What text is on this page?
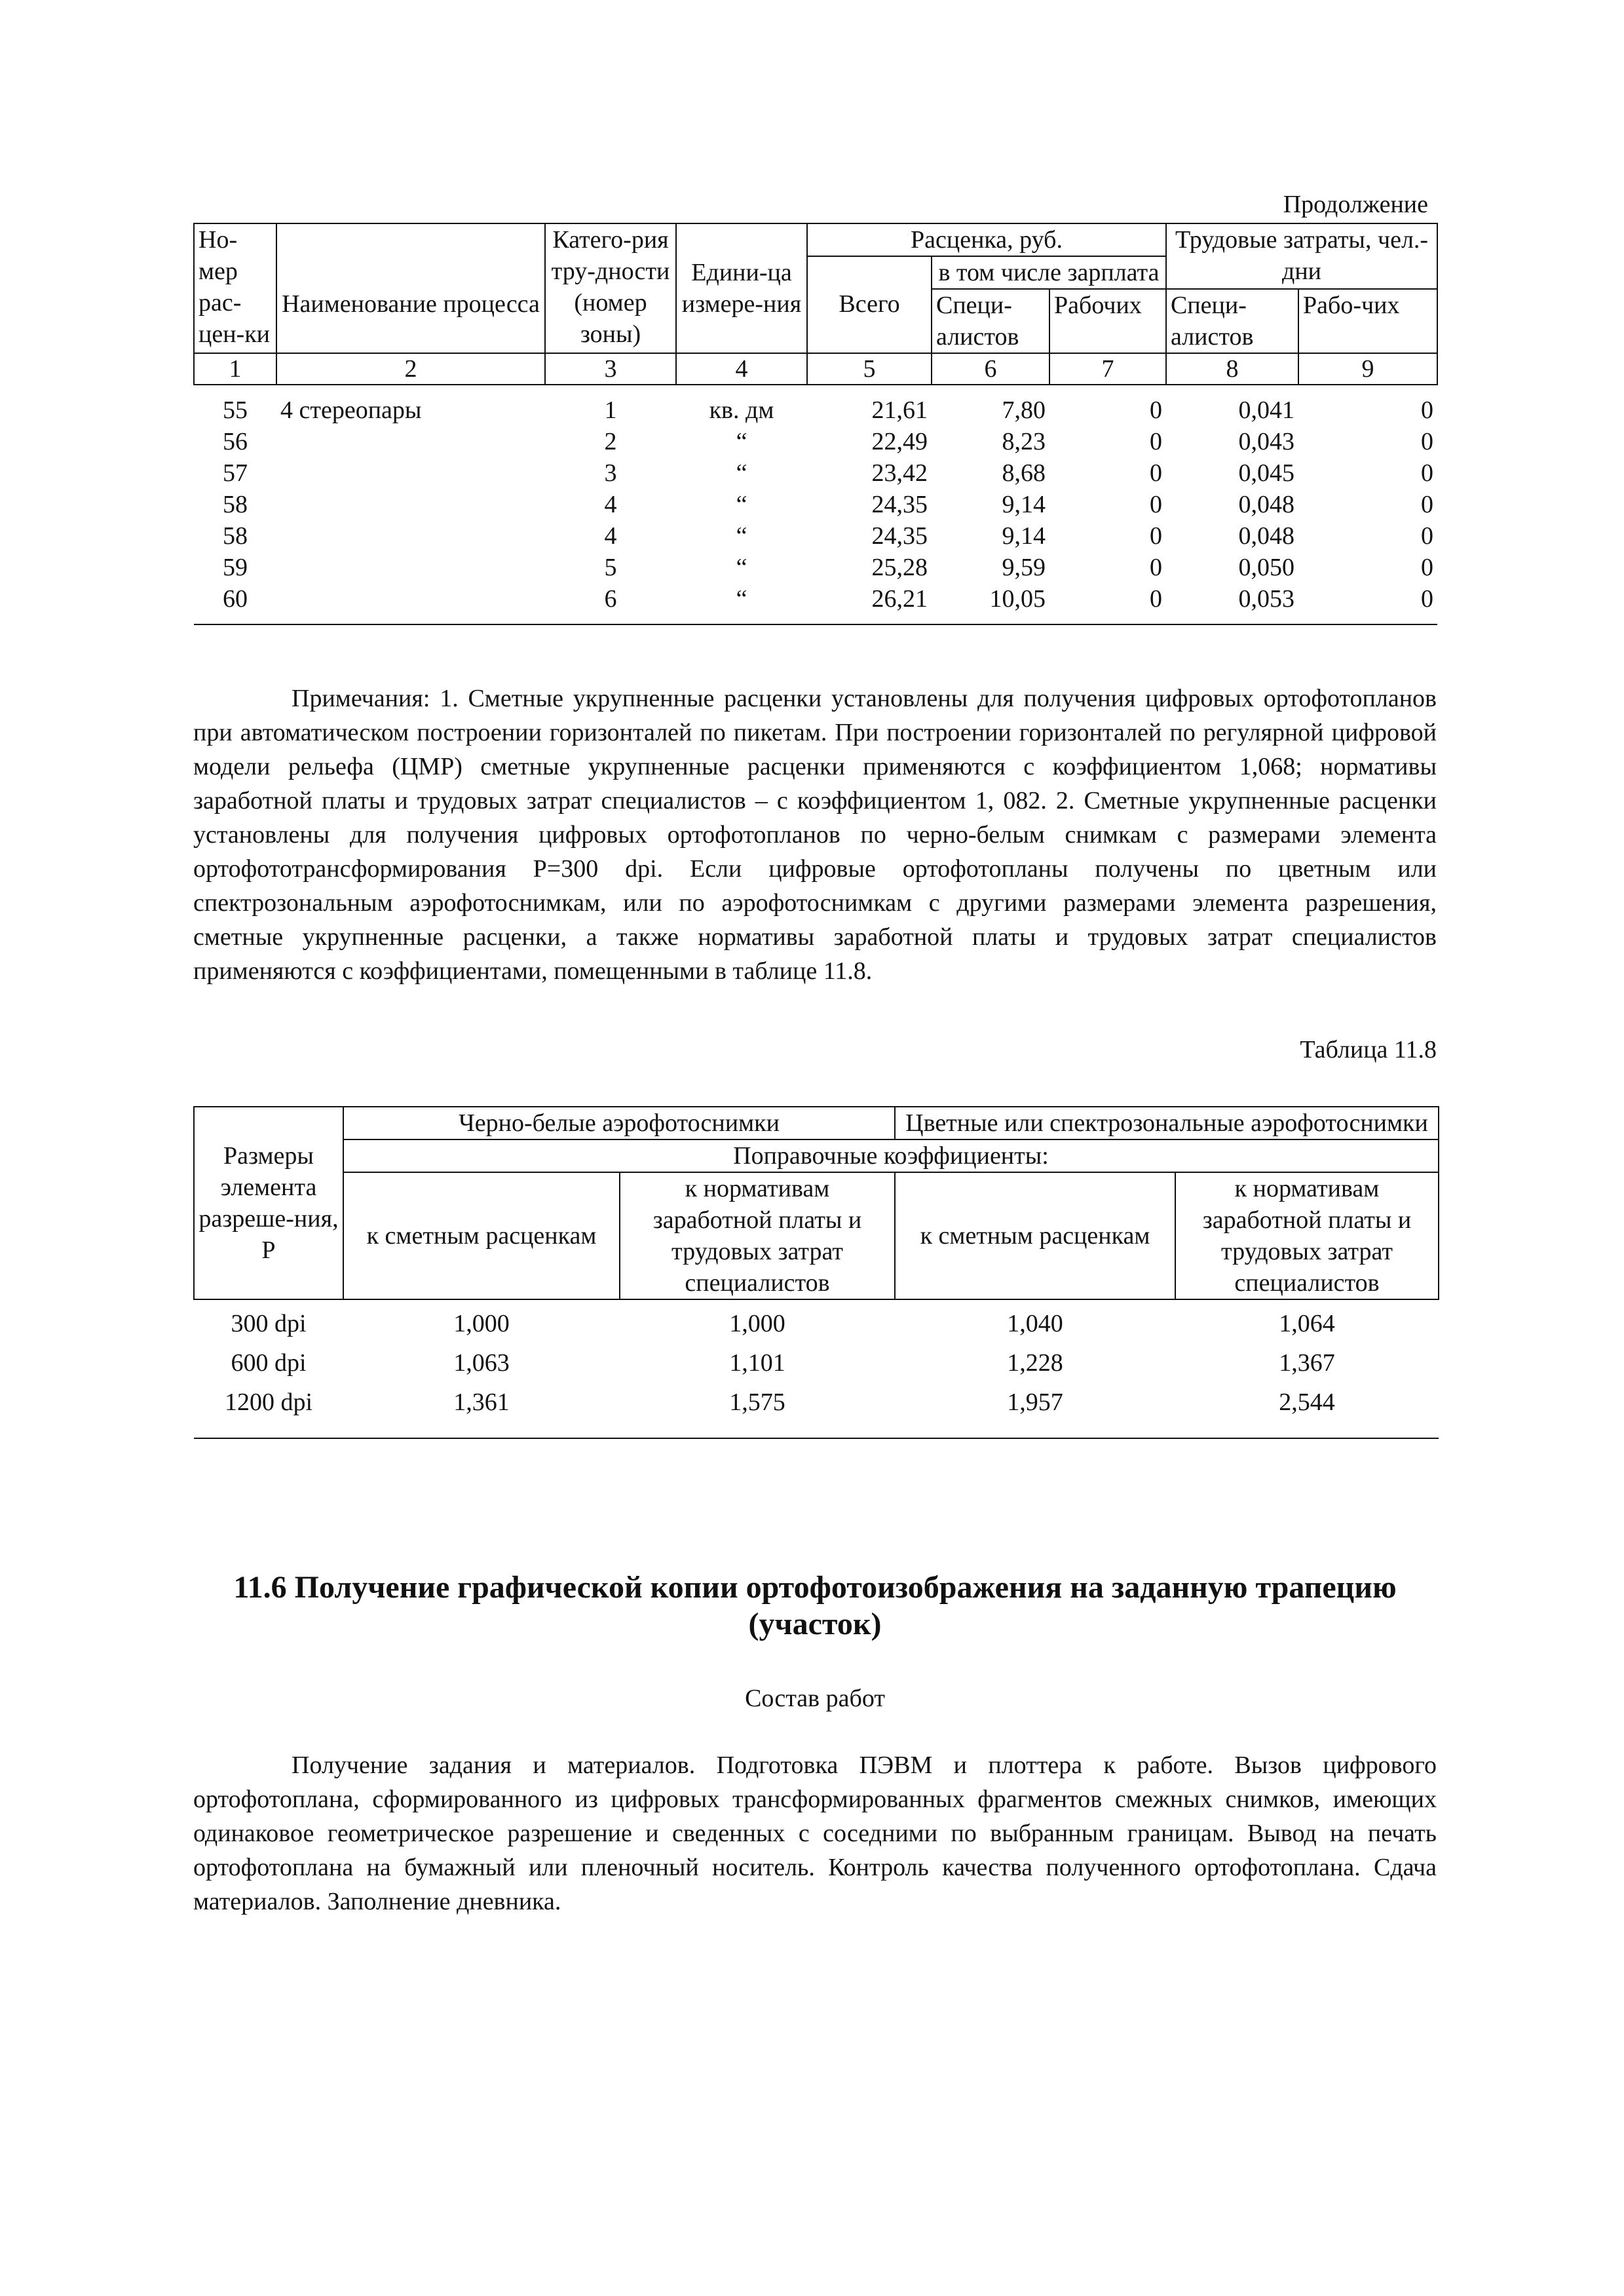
Продолжение
Но-мер рас-цен-ки	Наименование процесса	Катего-рия тру-дности (номер зоны)	Едини-ца измере-ния	Расценка, руб.			Трудовые затраты, чел.-дни	
				Всего	в том числе зарплата			
					Специ-алистов	Рабочих	Специ-алистов	Рабо-чих
1	2	3	4	5	6	7	8	9
55	4 стереопары	1	кв. дм	21,61	7,80	0	0,041	0
56		2	“	22,49	8,23	0	0,043	0
57		3	“	23,42	8,68	0	0,045	0
58		4	“	24,35	9,14	0	0,048	0
58		4	“	24,35	9,14	0	0,048	0
59		5	“	25,28	9,59	0	0,050	0
60		6	“	26,21	10,05	0	0,053	0
Примечания: 1. Сметные укрупненные расценки установлены для получения цифровых ортофотопланов при автоматическом построении горизонталей по пикетам. При построении горизонталей по регулярной цифровой модели рельефа (ЦМР) сметные укрупненные расценки применяются с коэффициентом 1,068; нормативы заработной платы и трудовых затрат специалистов – с коэффициентом 1, 082. 2. Сметные укрупненные расценки установлены для получения цифровых ортофотопланов по черно-белым снимкам с размерами элемента ортофототрансформирования P=300 dpi. Если цифровые ортофотопланы получены по цветным или спектрозональным аэрофотоснимкам, или по аэрофотоснимкам с другими размерами элемента разрешения, сметные укрупненные расценки, а также нормативы заработной платы и трудовых затрат специалистов применяются с коэффициентами, помещенными в таблице 11.8.
Таблица 11.8
Размеры элемента разреше-ния, P	Черно-белые аэрофотоснимки		Цветные или спектрозональные аэрофотоснимки	
	Поправочные коэффициенты:			
	к сметным расценкам	к нормативам заработной платы и трудовых затрат специалистов	к сметным расценкам	к нормативам заработной платы и трудовых затрат специалистов
300 dpi	1,000	1,000	1,040	1,064
600 dpi	1,063	1,101	1,228	1,367
1200 dpi	1,361	1,575	1,957	2,544
11.6 Получение графической копии ортофотоизображения на заданную трапецию (участок)
Состав работ
Получение задания и материалов. Подготовка ПЭВМ и плоттера к работе. Вызов цифрового ортофотоплана, сформированного из цифровых трансформированных фрагментов смежных снимков, имеющих одинаковое геометрическое разрешение и сведенных с соседними по выбранным границам. Вывод на печать ортофотоплана на бумажный или пленочный носитель. Контроль качества полученного ортофотоплана. Сдача материалов. Заполнение дневника.
